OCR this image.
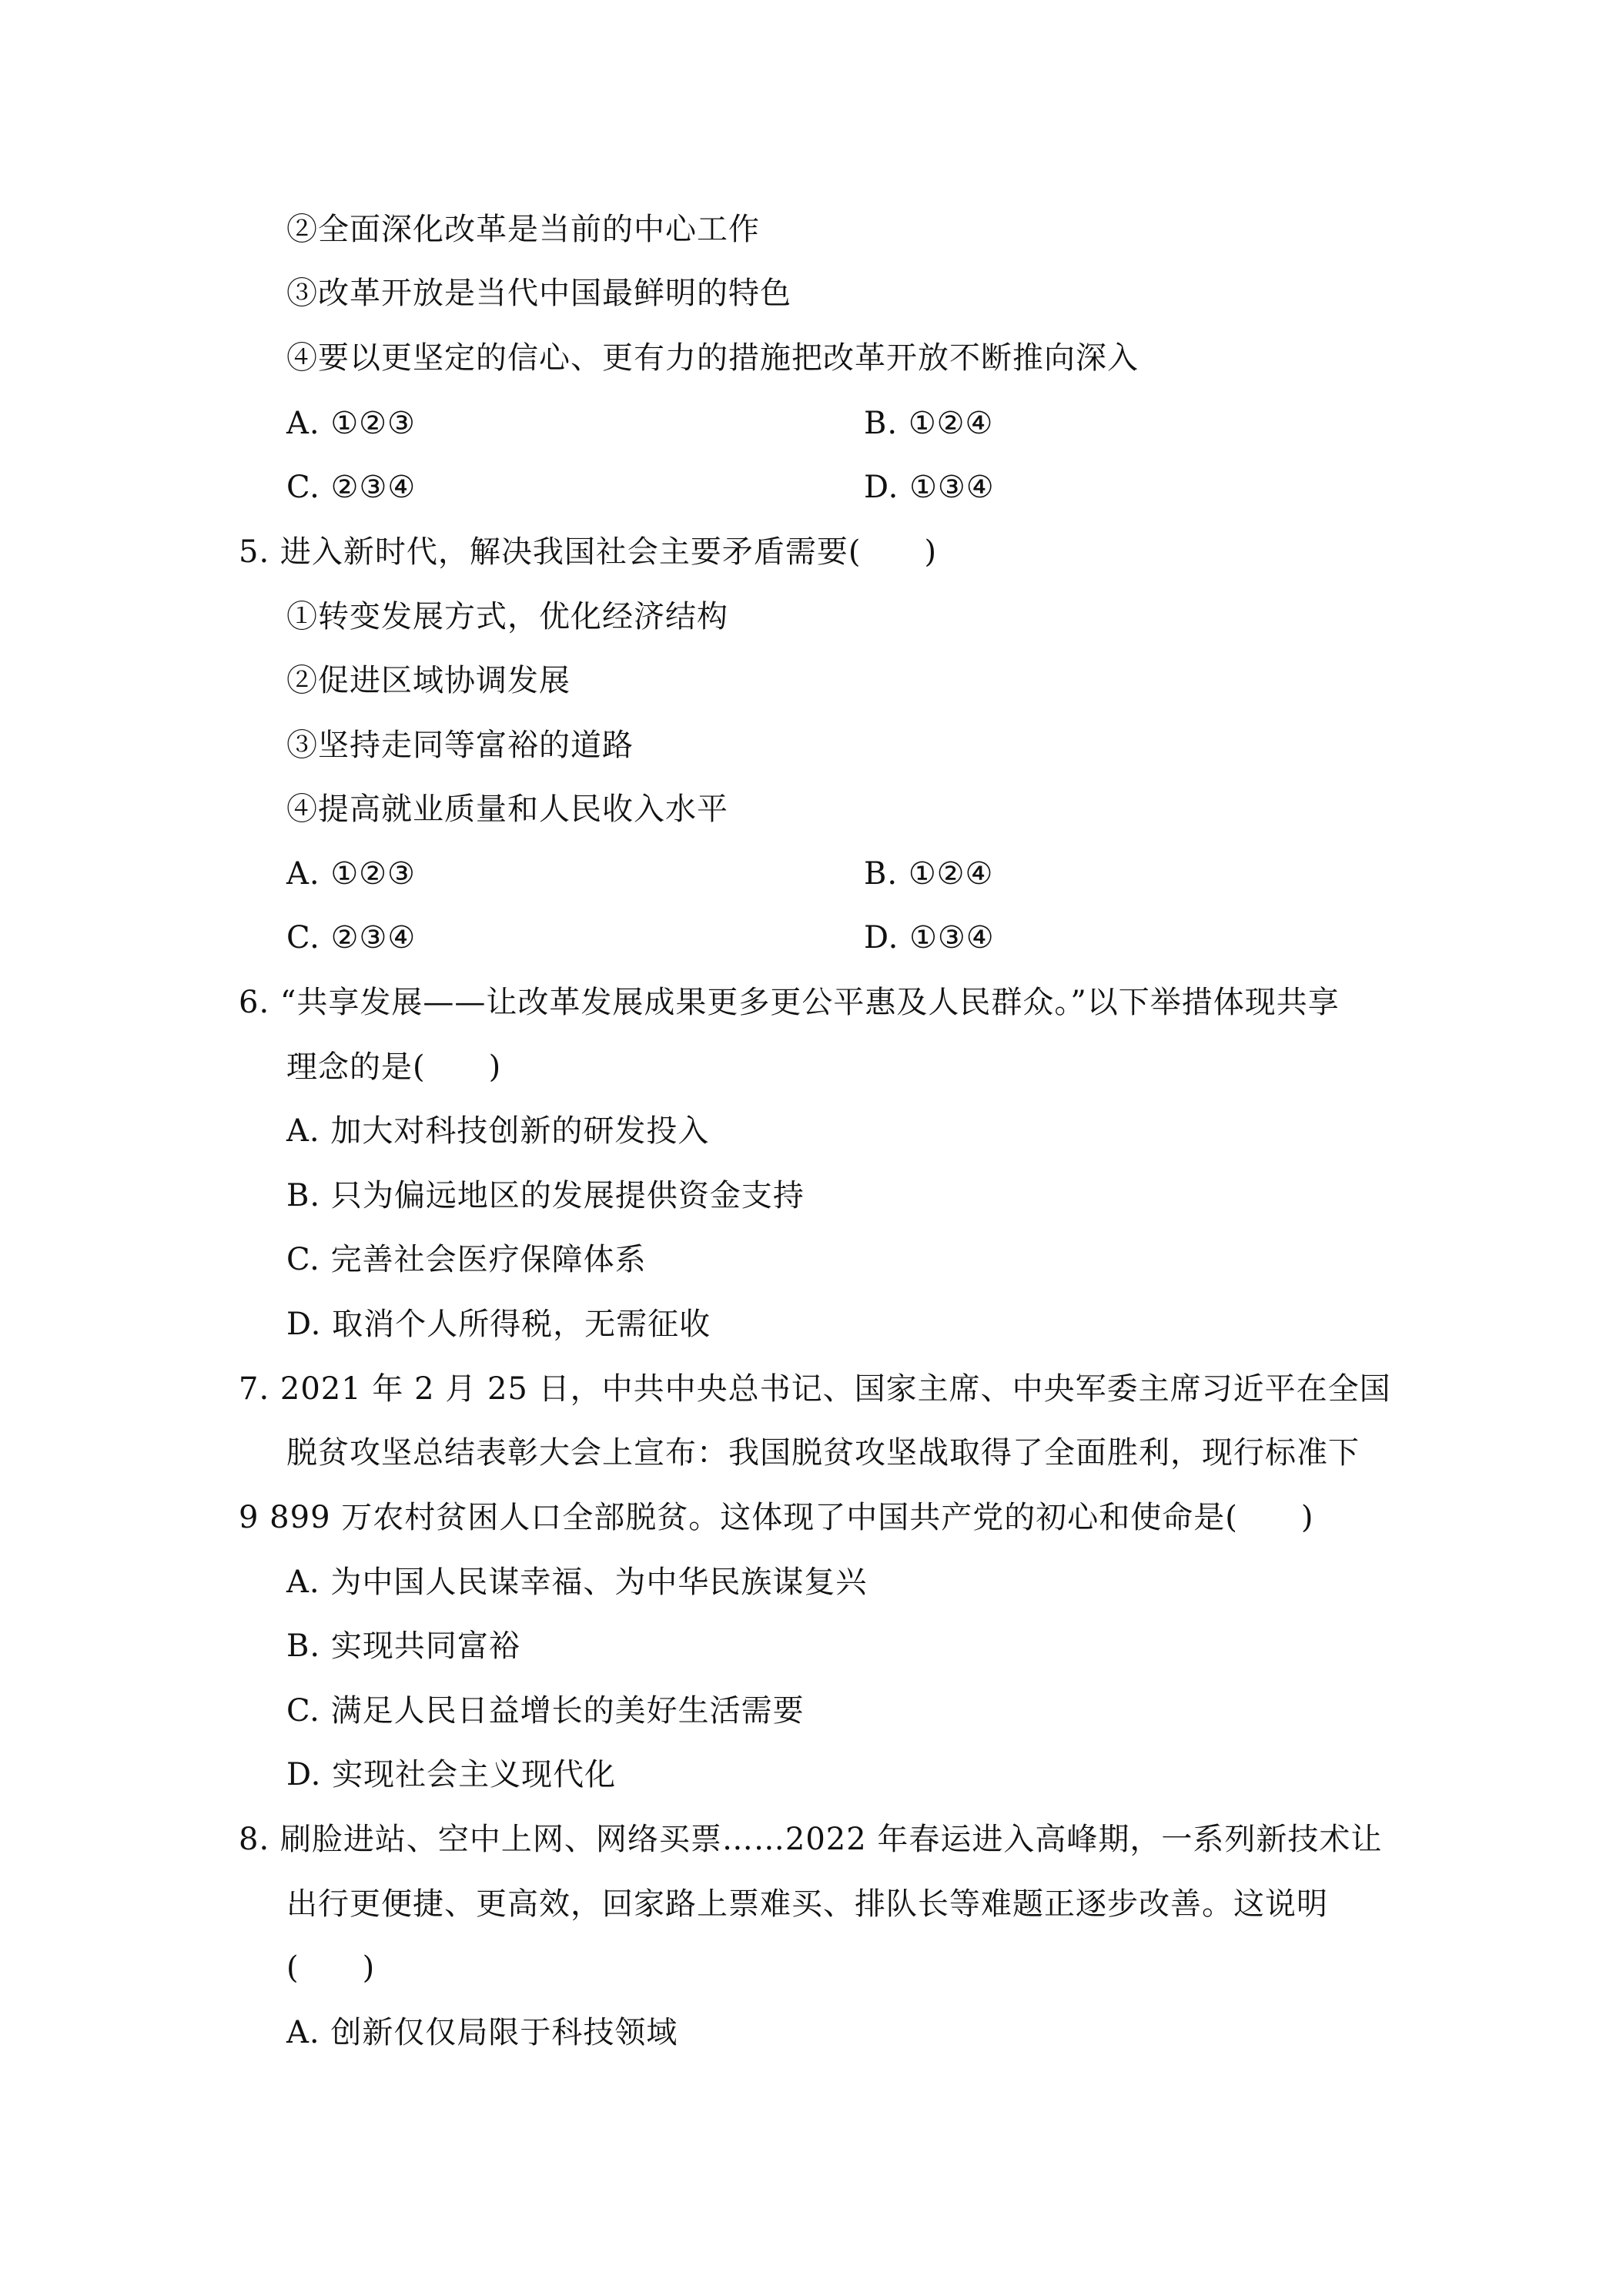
②全面深化改革是当前的中心工作
③改革开放是当代中国最鲜明的特色
④要以更坚定的信心、更有力的措施把改革开放不断推向深入
A. ①②③	B. ①②④
C. ②③④	D. ①③④
5. 进入新时代，解决我国社会主要矛盾需要(　　)
①转变发展方式，优化经济结构
②促进区域协调发展
③坚持走同等富裕的道路
④提高就业质量和人民收入水平
A. ①②③	B. ①②④
C. ②③④	D. ①③④
6. “共享发展——让改革发展成果更多更公平惠及人民群众。”以下举措体现共享
理念的是(　　)
A. 加大对科技创新的研发投入
B. 只为偏远地区的发展提供资金支持
C. 完善社会医疗保障体系
D. 取消个人所得税，无需征收
7. 2021 年 2 月 25 日，中共中央总书记、国家主席、中央军委主席习近平在全国
脱贫攻坚总结表彰大会上宣布：我国脱贫攻坚战取得了全面胜利，现行标准下
9 899 万农村贫困人口全部脱贫。这体现了中国共产党的初心和使命是(　　)
A. 为中国人民谋幸福、为中华民族谋复兴
B. 实现共同富裕
C. 满足人民日益增长的美好生活需要
D. 实现社会主义现代化
8. 刷脸进站、空中上网、网络买票……2022 年春运进入高峰期，一系列新技术让
出行更便捷、更高效，回家路上票难买、排队长等难题正逐步改善。这说明
(　　)
A. 创新仅仅局限于科技领域
